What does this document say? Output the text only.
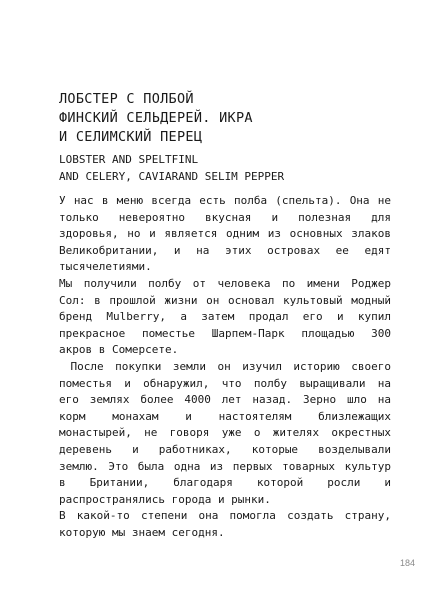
ЛОБСТЕР С ПОЛБОЙ
ФИНСКИЙ СЕЛЬДЕРЕЙ. ИКРА
И СЕЛИМСКИЙ ПЕРЕЦ
LOBSTER AND SPELTFINL
AND CELERY, CAVIARAND SELIM PEPPER
У нас в меню всегда есть полба (спельта). Она не
только невероятно вкусная и полезная для
здоровья, но и является одним из основных злаков
Великобритании, и на этих островах ее едят
тысячелетиями.
Мы получили полбу от человека по имени Роджер
Сол: в прошлой жизни он основал культовый модный
бренд Mulberry, а затем продал его и купил
прекрасное поместье Шарпем-Парк площадью 300
акров в Сомерсете.
После покупки земли он изучил историю своего
поместья и обнаружил, что полбу выращивали на
его землях более 4000 лет назад. Зерно шло на
корм монахам и настоятелям близлежащих
монастырей, не говоря уже о жителях окрестных
деревень и работниках, которые возделывали
землю. Это была одна из первых товарных культур
в Британии, благодаря которой росли и
распространялись города и рынки.
В какой-то степени она помогла создать страну,
которую мы знаем сегодня.
184
